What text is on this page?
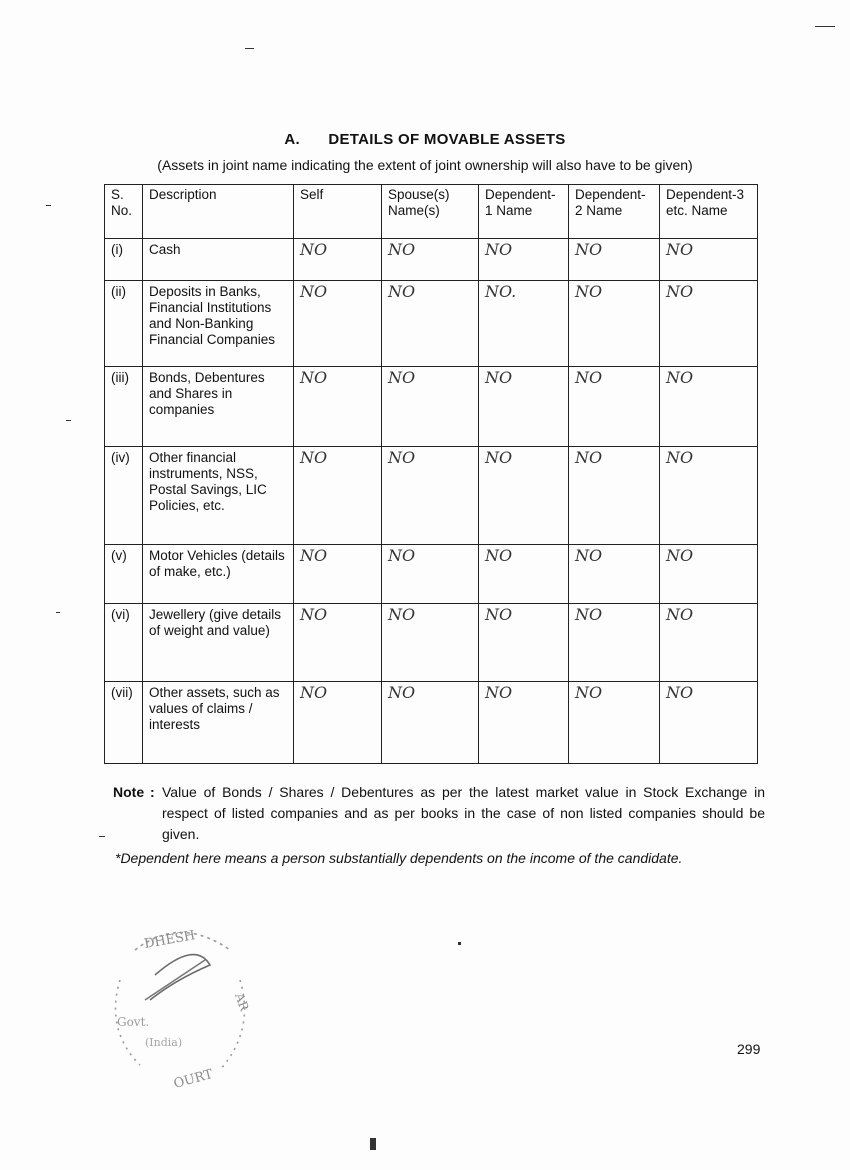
A. DETAILS OF MOVABLE ASSETS
(Assets in joint name indicating the extent of joint ownership will also have to be given)
S. No.	Description	Self	Spouse(s) Name(s)	Dependent-1 Name	Dependent-2 Name	Dependent-3 etc. Name
(i)	Cash	NO	NO	NO	NO	NO
(ii)	Deposits in Banks, Financial Institutions and Non-Banking Financial Companies	NO	NO	NO.	NO	NO
(iii)	Bonds, Debentures and Shares in companies	NO	NO	NO	NO	NO
(iv)	Other financial instruments, NSS, Postal Savings, LIC Policies, etc.	NO	NO	NO	NO	NO
(v)	Motor Vehicles (details of make, etc.)	NO	NO	NO	NO	NO
(vi)	Jewellery (give details of weight and value)	NO	NO	NO	NO	NO
(vii)	Other assets, such as values of claims / interests	NO	NO	NO	NO	NO
Note : Value of Bonds / Shares / Debentures as per the latest market value in Stock Exchange in respect of listed companies and as per books in the case of non listed companies should be given.
*Dependent here means a person substantially dependents on the income of the candidate.
DHESH
AR
Govt.
(India)
OURT
299
